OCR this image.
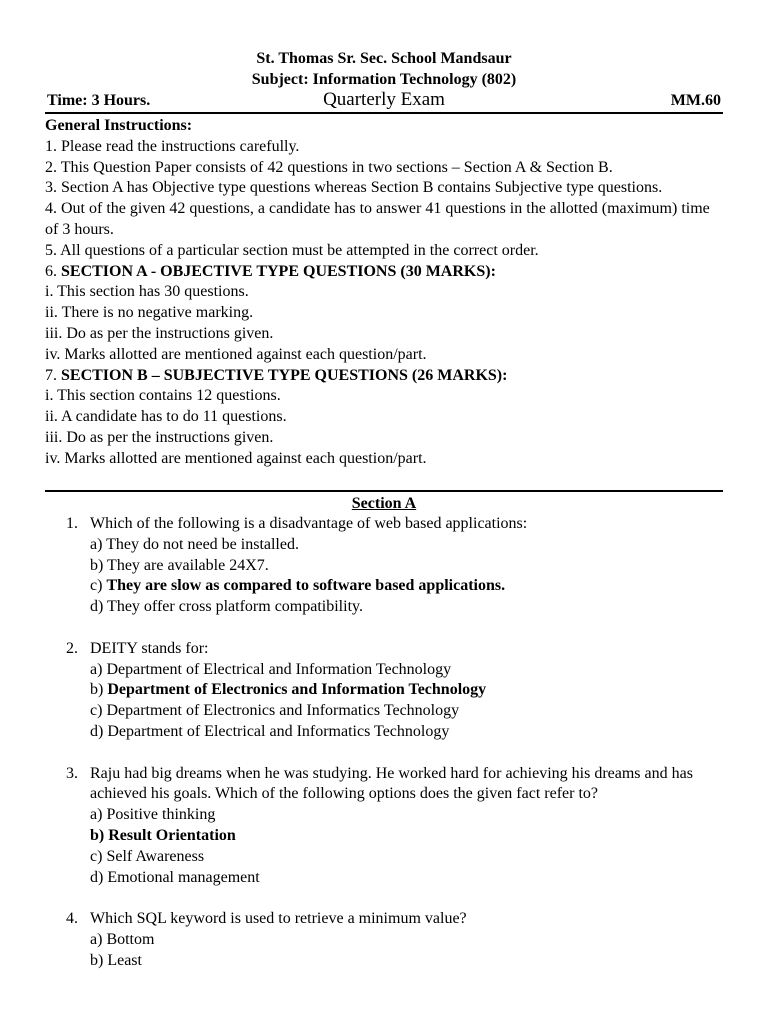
St. Thomas Sr. Sec. School Mandsaur
Subject: Information Technology (802)
Time: 3 Hours.	Quarterly Exam	MM.60
General Instructions:
1. Please read the instructions carefully.
2. This Question Paper consists of 42 questions in two sections – Section A & Section B.
3. Section A has Objective type questions whereas Section B contains Subjective type questions.
4. Out of the given 42 questions, a candidate has to answer 41 questions in the allotted (maximum) time of 3 hours.
5. All questions of a particular section must be attempted in the correct order.
6. SECTION A - OBJECTIVE TYPE QUESTIONS (30 MARKS):
i. This section has 30 questions.
ii. There is no negative marking.
iii. Do as per the instructions given.
iv. Marks allotted are mentioned against each question/part.
7. SECTION B – SUBJECTIVE TYPE QUESTIONS (26 MARKS):
i. This section contains 12 questions.
ii. A candidate has to do 11 questions.
iii. Do as per the instructions given.
iv. Marks allotted are mentioned against each question/part.
Section A
1. Which of the following is a disadvantage of web based applications:
a) They do not need be installed.
b) They are available 24X7.
c) They are slow as compared to software based applications.
d) They offer cross platform compatibility.
2. DEITY stands for:
a) Department of Electrical and Information Technology
b) Department of Electronics and Information Technology
c) Department of Electronics and Informatics Technology
d) Department of Electrical and Informatics Technology
3. Raju had big dreams when he was studying. He worked hard for achieving his dreams and has achieved his goals. Which of the following options does the given fact refer to?
a) Positive thinking
b) Result Orientation
c) Self Awareness
d) Emotional management
4. Which SQL keyword is used to retrieve a minimum value?
a) Bottom
b) Least
